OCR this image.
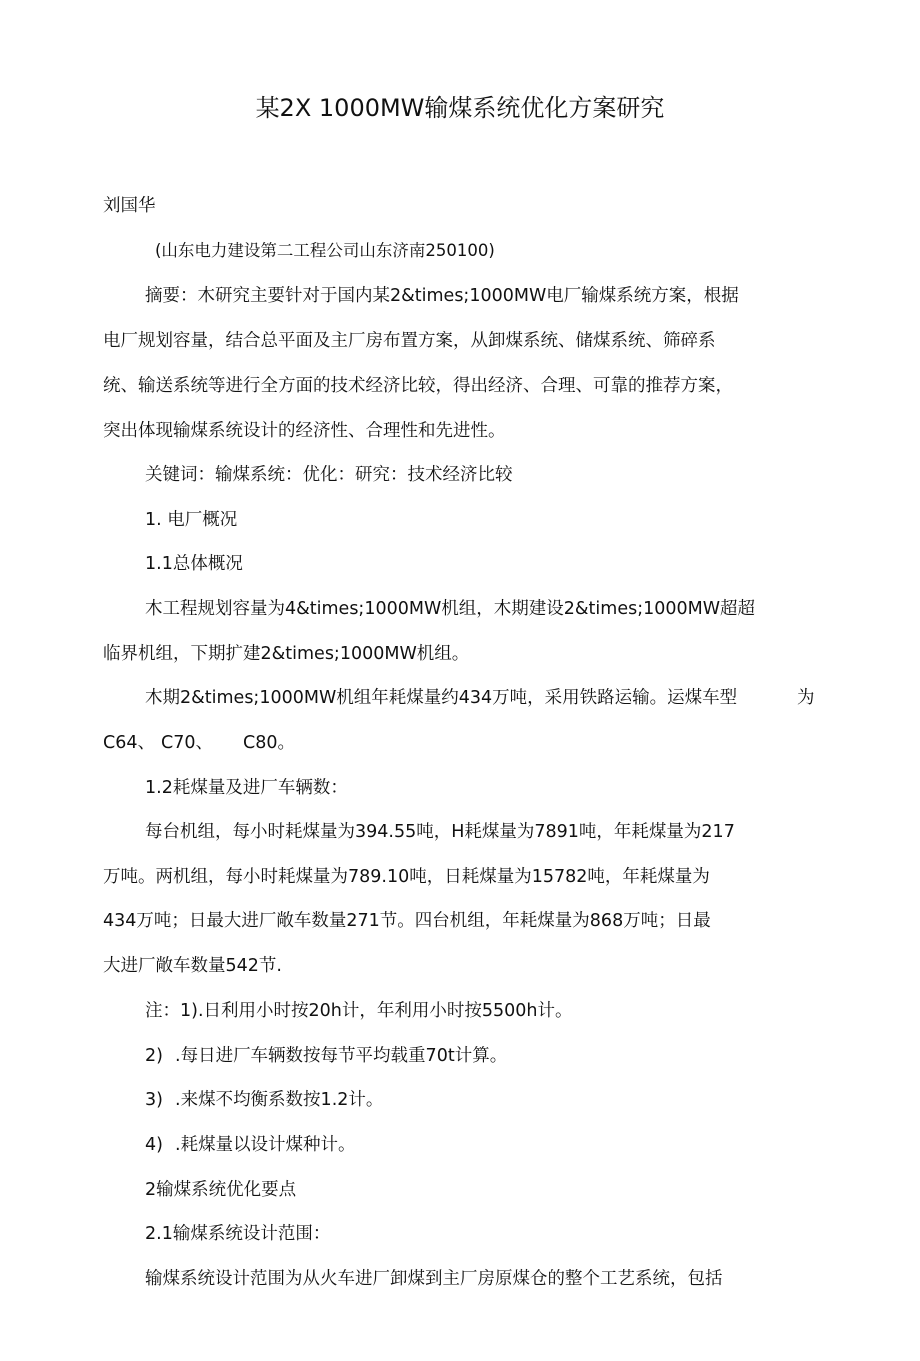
某2X 1000MW输煤系统优化方案研究
刘国华
(山东电力建设第二工程公司山东济南250100)
摘要：木研究主要针对于国内某2&times;1000MW电厂输煤系统方案，根据
电厂规划容量，结合总平面及主厂房布置方案，从卸煤系统、储煤系统、筛碎系
统、输送系统等进行全方面的技术经济比较，得出经济、合理、可靠的推荐方案，
突出体现输煤系统设计的经济性、合理性和先进性。
关键词：输煤系统：优化：研究：技术经济比较
1. 电厂概况
1.1总体概况
木工程规划容量为4&times;1000MW机组，木期建设2&times;1000MW超超
临界机组，下期扩建2&times;1000MW机组。
木期2&times;1000MW机组年耗煤量约434万吨，采用铁路运输。运煤车型	为
C64、 C70、 C80。
1.2耗煤量及进厂车辆数：
每台机组，每小时耗煤量为394.55吨，H耗煤量为7891吨，年耗煤量为217
万吨。两机组，每小时耗煤量为789.10吨，日耗煤量为15782吨，年耗煤量为
434万吨；日最大进厂敞车数量271节。四台机组，年耗煤量为868万吨；日最
大进厂敞车数量542节.
注：1).日利用小时按20h计，年利用小时按5500h计。
2) .每日进厂车辆数按每节平均载重70t计算。
3) .来煤不均衡系数按1.2计。
4) .耗煤量以设计煤种计。
2输煤系统优化要点
2.1输煤系统设计范围：
输煤系统设计范围为从火车进厂卸煤到主厂房原煤仓的整个工艺系统，包括
